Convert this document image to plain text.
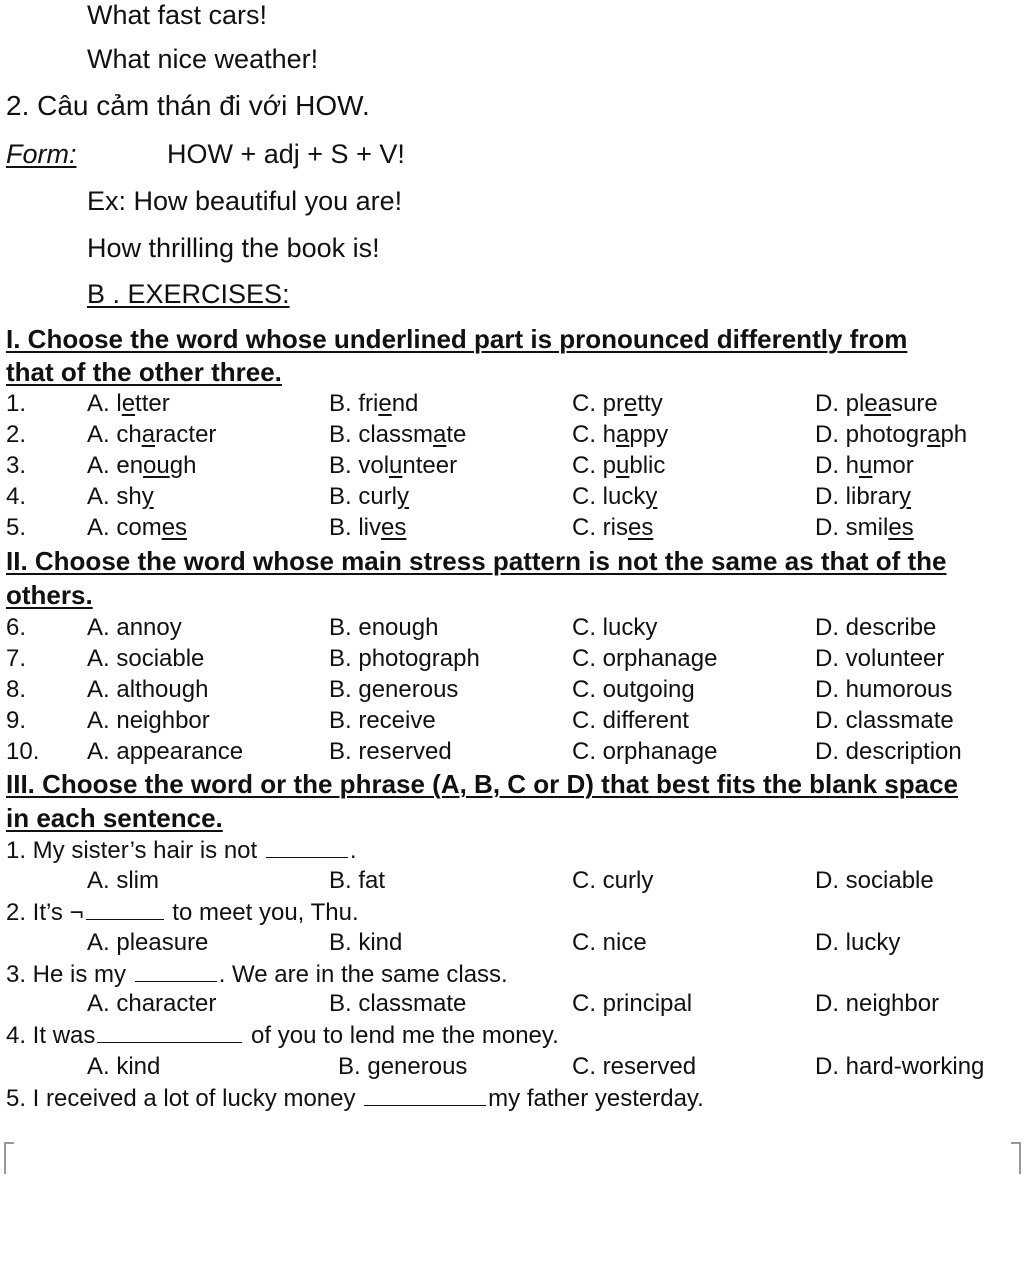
What fast cars!
What nice weather!
2. Câu cảm thán đi với HOW.
Form:	HOW + adj + S + V!
Ex: How beautiful you are!
How thrilling the book is!
B . EXERCISES:
I. Choose the word whose underlined part is pronounced differently from
that of the other three.
1.	A. letter	B. friend	C. pretty	D. pleasure
2.	A. character	B. classmate	C. happy	D. photograph
3.	A. enough	B. volunteer	C. public	D. humor
4.	A. shy	B. curly	C. lucky	D. library
5.	A. comes	B. lives	C. rises	D. smiles
II. Choose the word whose main stress pattern is not the same as that of the
others.
6.	A. annoy	B. enough	C. lucky	D. describe
7.	A. sociable	B. photograph	C. orphanage	D. volunteer
8.	A. although	B. generous	C. outgoing	D. humorous
9.	A. neighbor	B. receive	C. different	D. classmate
10. A. appearance	B. reserved	C. orphanage	D. description
III. Choose the word or the phrase (A, B, C or D) that best fits the blank space
in each sentence.
1. My sister’s hair is not	.
A. slim	B. fat	C. curly	D. sociable
2. It’s ¬	to meet you, Thu.
A. pleasure	B. kind	C. nice	D. lucky
3. He is my	. We are in the same class.
A. character	B. classmate	C. principal	D. neighbor
4. It was	of you to lend me the money.
A. kind	B. generous	C. reserved	D. hard-working
5. I received a lot of lucky money	my father yesterday.
